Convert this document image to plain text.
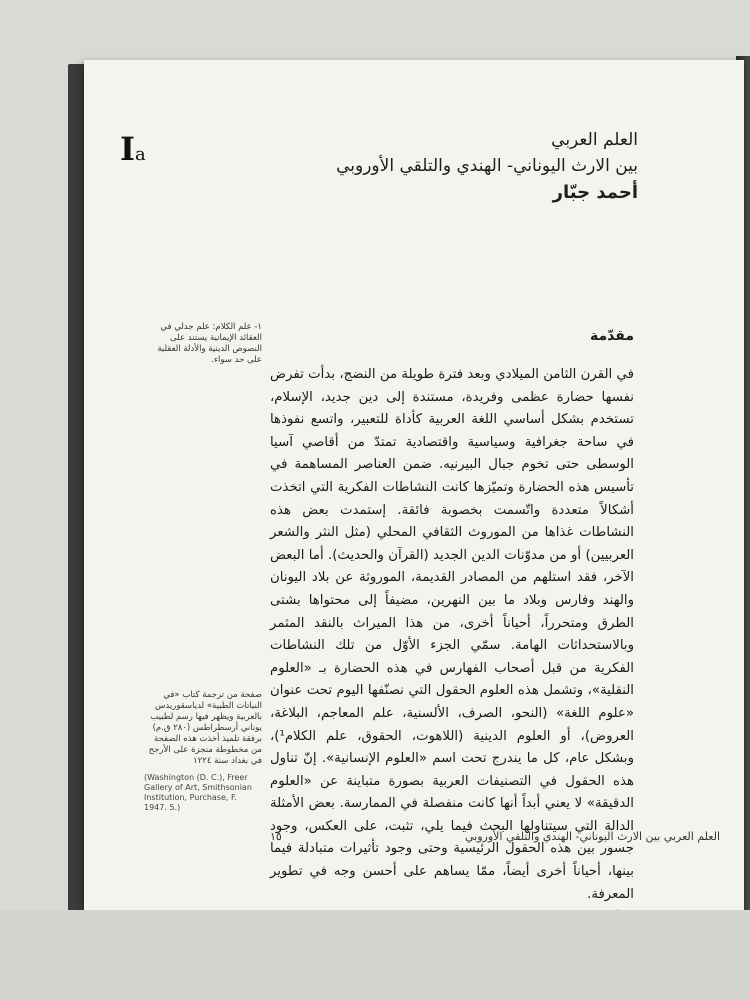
Ia
العلم العربي
بين الارث اليوناني- الهندي والتلقي الأوروبي
أحمد جبّار
١- علم الكلام: علم جدلي في العقائد الإيمانية يستند على النصوص الدينية والأدلة العقلية على حد سواء.
صفحة من ترجمة كتاب «في النباتات الطبية» لدياسقوريدس بالعربية ويظهر فيها رسم لطبيب يوناني أرسطراطس (٢٨٠ ق.م) برفقة تلميذ أخذت هذه الصفحة من مخطوطة منجزة على الأرجح في بغداد سنة ١٢٢٤
(Washington (D. C.), Freer Gallery of Art, Smithsonian Institution, Purchase, F. 1947. 5.)
مقدّمة

في القرن الثامن الميلادي وبعد فترة طويلة من النضج، بدأت تفرض نفسها حضارة عظمى وفريدة، مستندة إلى دين جديد، الإسلام، تستخدم بشكل أساسي اللغة العربية كأداة للتعبير، واتسع نفوذها في ساحة جغرافية وسياسية واقتصادية تمتدّ من أقاصي آسيا الوسطى حتى تخوم جبال البيرنيه. ضمن العناصر المساهمة في تأسيس هذه الحضارة وتميّزها كانت النشاطات الفكرية التي اتخذت أشكالاً متعددة واتّسمت بخصوبة فائقة. إستمدت بعض هذه النشاطات غذاها من الموروث الثقافي المحلي (مثل النثر والشعر العربيين) أو من مدوّنات الدين الجديد (القرآن والحديث). أما البعض الآخر، فقد استلهم من المصادر القديمة، الموروثة عن بلاد اليونان والهند وفارس وبلاد ما بين النهرين، مضيفاً إلى محتواها بشتى الطرق ومتحرراً، أحياناً أخرى، من هذا الميراث بالنقد المثمر وبالاستحداثات الهامة. سمّي الجزء الأوّل من تلك النشاطات الفكرية من قبل أصحاب الفهارس في هذه الحضارة بـ «العلوم النقلية»، وتشمل هذه العلوم الحقول التي نصنّفها اليوم تحت عنوان «علوم اللغة» (النحو، الصرف، الألسنية، علم المعاجم، البلاغة، العروض)، أو العلوم الدينية (اللاهوت، الحقوق، علم الكلام¹)، وبشكل عام، كل ما يندرج تحت اسم «العلوم الإنسانية». إنّ تناول هذه الحقول في التصنيفات العربية بصورة متباينة عن «العلوم الدقيقة» لا يعني أبداً أنها كانت منفصلة في الممارسة. بعض الأمثلة الدالة التي سيتناولها البحث فيما يلي، تثبت، على العكس، وجود جسور بين هذه الحقول الرئيسية وحتى وجود تأثيرات متبادلة فيما بينها، أحياناً أخرى أيضاً، ممّا يساهم على أحسن وجه في تطوير المعرفة.

١٥	العلم العربي بين الارث اليوناني- الهندي والتلقي الأوروبي
